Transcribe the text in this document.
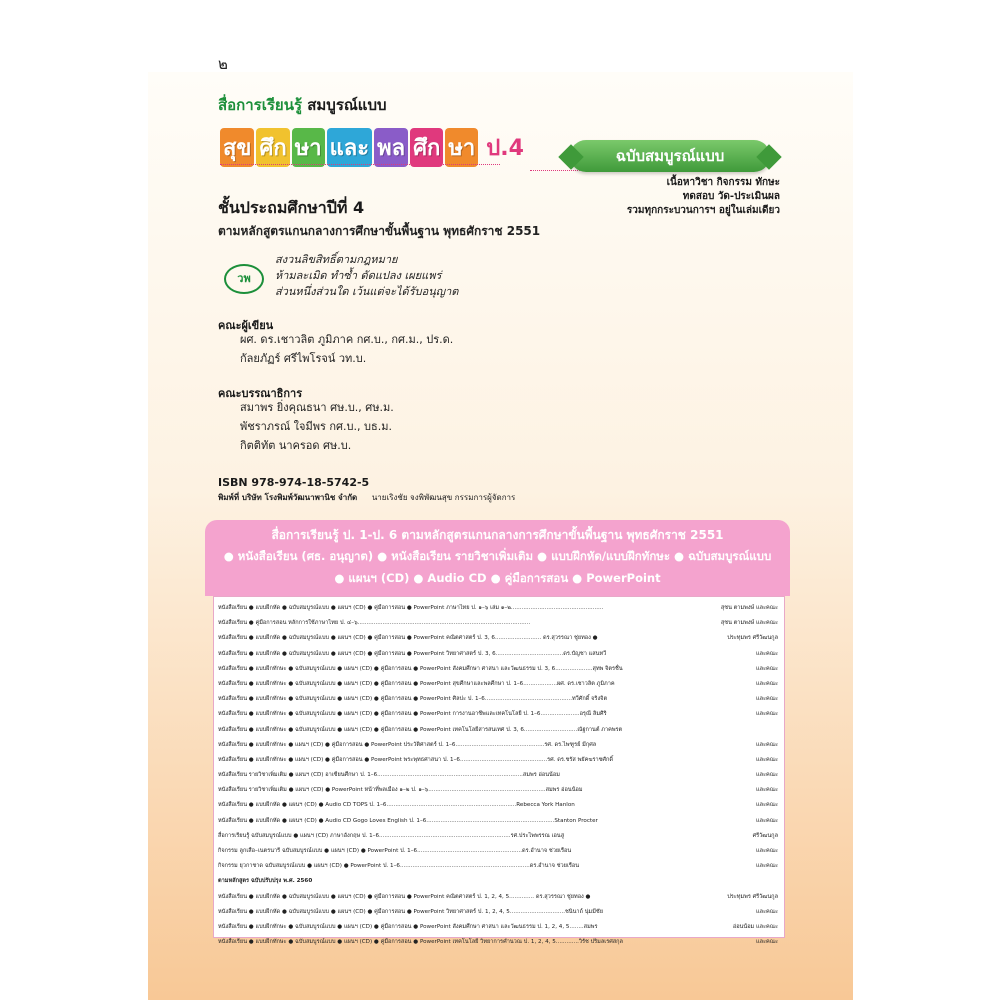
๒
สื่อการเรียนรู้ สมบูรณ์แบบ
สุข ศึก ษา และ พล ศึก ษา ป.4	ฉบับสมบูรณ์แบบ
เนื้อหาวิชา กิจกรรม ทักษะ
ทดสอบ วัด-ประเมินผล
รวมทุกกระบวนการฯ อยู่ในเล่มเดียว
ชั้นประถมศึกษาปีที่ 4
ตามหลักสูตรแกนกลางการศึกษาขั้นพื้นฐาน พุทธศักราช 2551
วพ
สงวนลิขสิทธิ์ตามกฎหมาย
ห้ามละเมิด ทำซ้ำ ดัดแปลง เผยแพร่
ส่วนหนึ่งส่วนใด เว้นแต่จะได้รับอนุญาต
คณะผู้เขียน
ผศ. ดร.เชาวลิต ภูมิภาค กศ.บ., กศ.ม., ปร.ด.
กัลยภัฏร์ ศรีไพโรจน์ วท.บ.
คณะบรรณาธิการ
สมาพร ยิ่งคุณธนา ศษ.บ., ศษ.ม.
พัชราภรณ์ ใจมีพร กศ.บ., บธ.ม.
กิตติทัต นาครอด ศษ.บ.
ISBN 978-974-18-5742-5
พิมพ์ที่ บริษัท โรงพิมพ์วัฒนาพานิช จำกัด นายเริงชัย จงพิพัฒนสุข กรรมการผู้จัดการ
สื่อการเรียนรู้ ป. 1-ป. 6 ตามหลักสูตรแกนกลางการศึกษาขั้นพื้นฐาน พุทธศักราช 2551
● หนังสือเรียน (ศธ. อนุญาต) ● หนังสือเรียน รายวิชาเพิ่มเติม ● แบบฝึกหัด/แบบฝึกทักษะ ● ฉบับสมบูรณ์แบบ
● แผนฯ (CD) ● Audio CD ● คู่มือการสอน ● PowerPoint
หนังสือเรียน ● แบบฝึกหัด ● ฉบับสมบูรณ์แบบ ● แผนฯ (CD) ● คู่มือการสอน ● PowerPoint ภาษาไทย ป. ๑–๖ เล่ม ๑–๒....................................................	สุชน ตามพงษ์ และคณะ
หนังสือเรียน ● คู่มือการสอน หลักการใช้ภาษาไทย ป. ๔–๖.................................................................................................	สุชน ตามพงษ์ และคณะ
หนังสือเรียน ● แบบฝึกหัด ● ฉบับสมบูรณ์แบบ ● แผนฯ (CD) ● คู่มือการสอน ● PowerPoint คณิตศาสตร์ ป. 3, 6.......................... ดร.สุวรรณา ชู่ยทอง ●	ประทุมพร ศรีวัฒนกูล
หนังสือเรียน ● แบบฝึกหัด ● ฉบับสมบูรณ์แบบ ● แผนฯ (CD) ● คู่มือการสอน ● PowerPoint วิทยาศาสตร์ ป. 3, 6......................................ดร.บัญชา แสนทวี	และคณะ
หนังสือเรียน ● แบบฝึกทักษะ ● ฉบับสมบูรณ์แบบ ● แผนฯ (CD) ● คู่มือการสอน ● PowerPoint สังคมศึกษา ศาสนา และวัฒนธรรม ป. 3, 6.....................สุทพ จิตรชื่น	และคณะ
หนังสือเรียน ● แบบฝึกทักษะ ● ฉบับสมบูรณ์แบบ ● แผนฯ (CD) ● คู่มือการสอน ● PowerPoint สุขศึกษาและพลศึกษา ป. 1–6...................ผศ. ดร.เชาวลิต ภูมิภาค	และคณะ
หนังสือเรียน ● แบบฝึกทักษะ ● ฉบับสมบูรณ์แบบ ● แผนฯ (CD) ● คู่มือการสอน ● PowerPoint ศิลปะ ป. 1–6.................................................ทวีศักดิ์ จริงจิต	และคณะ
หนังสือเรียน ● แบบฝึกทักษะ ● ฉบับสมบูรณ์แบบ ● แผนฯ (CD) ● คู่มือการสอน ● PowerPoint การงานอาชีพและเทคโนโลยี ป. 1–6......................อรุณี ลิมศิริ	และคณะ
หนังสือเรียน ● แบบฝึกทักษะ ● ฉบับสมบูรณ์แบบ ● แผนฯ (CD) ● คู่มือการสอน ● PowerPoint เทคโนโลยีสารสนเทศ ป. 3, 6..............................ณัฐกานต์ ภาคพรต
หนังสือเรียน ● แบบฝึกทักษะ ● แผนฯ (CD) ● คู่มือการสอน ● PowerPoint ประวัติศาสตร์ ป. 1–6..................................................รศ. ดร.ไพฑูรย์ มีกุศล	และคณะ
หนังสือเรียน ● แบบฝึกทักษะ ● แผนฯ (CD) ● คู่มือการสอน ● PowerPoint พระพุทธศาสนา ป. 1–6.................................................รศ. ดร.ชรัส พยัคฆราชศักดิ์	และคณะ
หนังสือเรียน รายวิชาเพิ่มเติม ● แผนฯ (CD) อาเซียนศึกษา ป. 1–6..................................................................................สมพร อ่อนน้อม	และคณะ
หนังสือเรียน รายวิชาเพิ่มเติม ● แผนฯ (CD) ● PowerPoint หน้าที่พลเมือง ๑–๒ ป. ๑–๖..................................................................สมพร อ่อนน้อม	และคณะ
หนังสือเรียน ● แบบฝึกหัด ● แผนฯ (CD) ● Audio CD TOPS ป. 1–6.........................................................................Rebecca York Hanlon	และคณะ
หนังสือเรียน ● แบบฝึกหัด ● แผนฯ (CD) ● Audio CD Gogo Loves English ป. 1–6........................................................................Stanton Procter	และคณะ
สื่อการเรียนรู้ ฉบับสมบูรณ์แบบ ● แผนฯ (CD) ภาษาอังกฤษ ป. 1–6..........................................................................รศ.ประไพพรรณ เอนสู	ศรีวัฒนกูล
กิจกรรม ลูกเสือ–เนตรนารี ฉบับสมบูรณ์แบบ ● แผนฯ (CD) ● PowerPoint ป. 1–6...........................................................ดร.อำนาจ ช่วยเรือน	และคณะ
กิจกรรม ยุวกาชาด ฉบับสมบูรณ์แบบ ● แผนฯ (CD) ● PowerPoint ป. 1–6.........................................................................ดร.อำนาจ ช่วยเรือน	และคณะ
ตามหลักสูตร ฉบับปรับปรุง พ.ศ. 2560
หนังสือเรียน ● แบบฝึกหัด ● ฉบับสมบูรณ์แบบ ● แผนฯ (CD) ● คู่มือการสอน ● PowerPoint คณิตศาสตร์ ป. 1, 2, 4, 5.............. ดร.สุวรรณา ชู่ยทอง ●	ประทุมพร ศรีวัฒนกูล
หนังสือเรียน ● แบบฝึกหัด ● ฉบับสมบูรณ์แบบ ● แผนฯ (CD) ● คู่มือการสอน ● PowerPoint วิทยาศาสตร์ ป. 1, 2, 4, 5...............................ชนินาถ์ นุ่มมีชัย	และคณะ
หนังสือเรียน ● แบบฝึกทักษะ ● ฉบับสมบูรณ์แบบ ● แผนฯ (CD) ● คู่มือการสอน ● PowerPoint สังคมศึกษา ศาสนา และวัฒนธรรม ป. 1, 2, 4, 5........สมพร	อ่อนน้อม และคณะ
หนังสือเรียน ● แบบฝึกทักษะ ● ฉบับสมบูรณ์แบบ ● แผนฯ (CD) ● คู่มือการสอน ● PowerPoint เทคโนโลยี วิทยาการคำนวณ ป. 1, 2, 4, 5.............วิรัช ปริมลเรศสกุล	และคณะ
